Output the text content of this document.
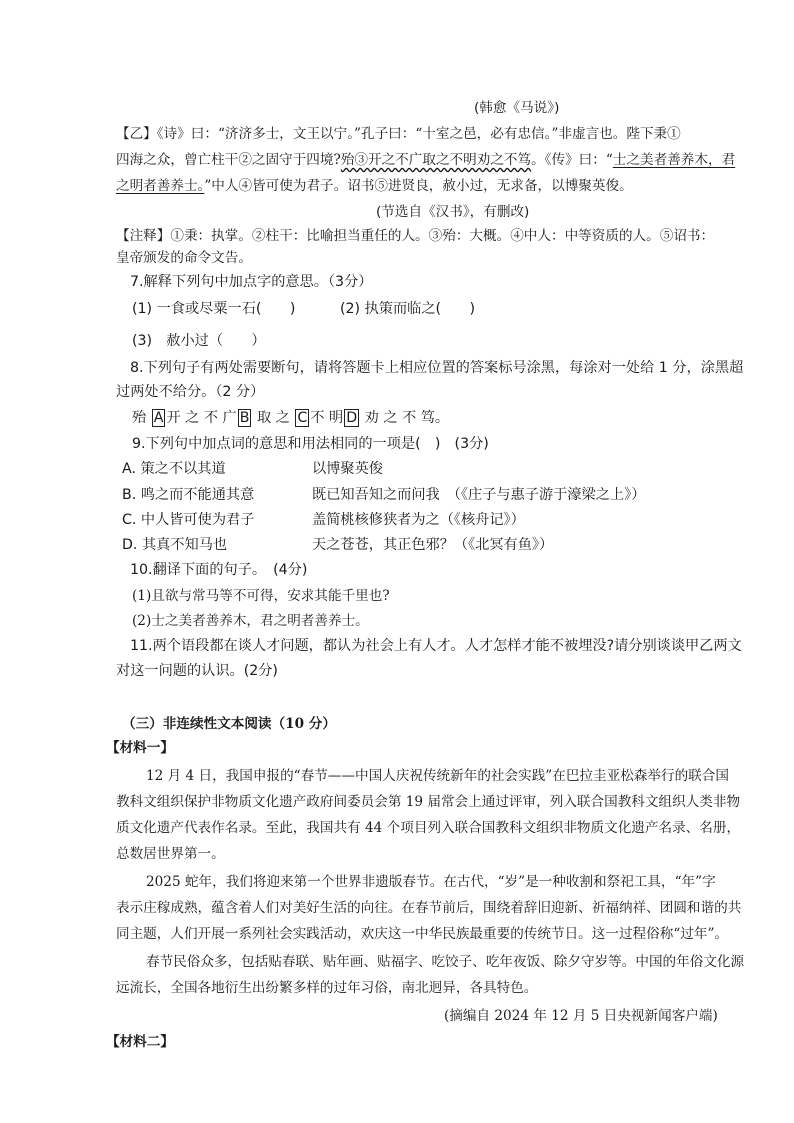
(韩愈《马说》)
【乙】《诗》曰：“济济多士，文王以宁。”孔子曰：“十室之邑，必有忠信。”非虚言也。陛下秉①
四海之众，曾亡柱干②之固守于四境?殆③开之不广取之不明劝之不笃。《传》曰：“士之美者善养木，君
之明者善养士。”中人④皆可使为君子。诏书⑤进贤良，赦小过，无求备，以博聚英俊。
(节选自《汉书》，有删改)
【注释】①秉：执掌。②柱干：比喻担当重任的人。③殆：大概。④中人：中等资质的人。⑤诏书：
皇帝颁发的命令文告。
7.解释下列句中加点字的意思。（3分）
(1) 一食或尽粟一石(　　)	(2) 执策而临之(　　)
(3)　赦小过（　　）
8.下列句子有两处需要断句，请将答题卡上相应位置的答案标号涂黑，每涂对一处给 1 分，涂黑超
过两处不给分。（2 分）
殆 A 开 之 不 广 B 取 之 C 不 明 D 劝 之 不 笃。
9.下列句中加点词的意思和用法相同的一项是(　)　(3分)
A. 策之不以其道	以博聚英俊
B. 鸣之而不能通其意	既已知吾知之而问我　（《庄子与惠子游于濠梁之上》）
C. 中人皆可使为君子	盖简桃核修狭者为之（《核舟记》）
D. 其真不知马也	天之苍苍，其正色邪？（《北冥有鱼》）
10.翻译下面的句子。　(4分)
(1)且欲与常马等不可得，安求其能千里也?
(2)士之美者善养木，君之明者善养士。
11.两个语段都在谈人才问题，都认为社会上有人才。人才怎样才能不被埋没?请分别谈谈甲乙两文
对这一问题的认识。(2分)
（三）非连续性文本阅读（10 分）
【材料一】
12 月 4 日，我国申报的“春节——中国人庆祝传统新年的社会实践”在巴拉圭亚松森举行的联合国
教科文组织保护非物质文化遗产政府间委员会第 19 届常会上通过评审，列入联合国教科文组织人类非物
质文化遗产代表作名录。至此，我国共有 44 个项目列入联合国教科文组织非物质文化遗产名录、名册，
总数居世界第一。
2025 蛇年，我们将迎来第一个世界非遗版春节。在古代，“岁”是一种收割和祭祀工具，“年”字
表示庄稼成熟，蕴含着人们对美好生活的向往。在春节前后，围绕着辞旧迎新、祈福纳祥、团圆和谐的共
同主题，人们开展一系列社会实践活动，欢庆这一中华民族最重要的传统节日。这一过程俗称“过年”。
春节民俗众多，包括贴春联、贴年画、贴福字、吃饺子、吃年夜饭、除夕守岁等。中国的年俗文化源
远流长，全国各地衍生出纷繁多样的过年习俗，南北迥异，各具特色。
(摘编自 2024 年 12 月 5 日央视新闻客户端)
【材料二】
